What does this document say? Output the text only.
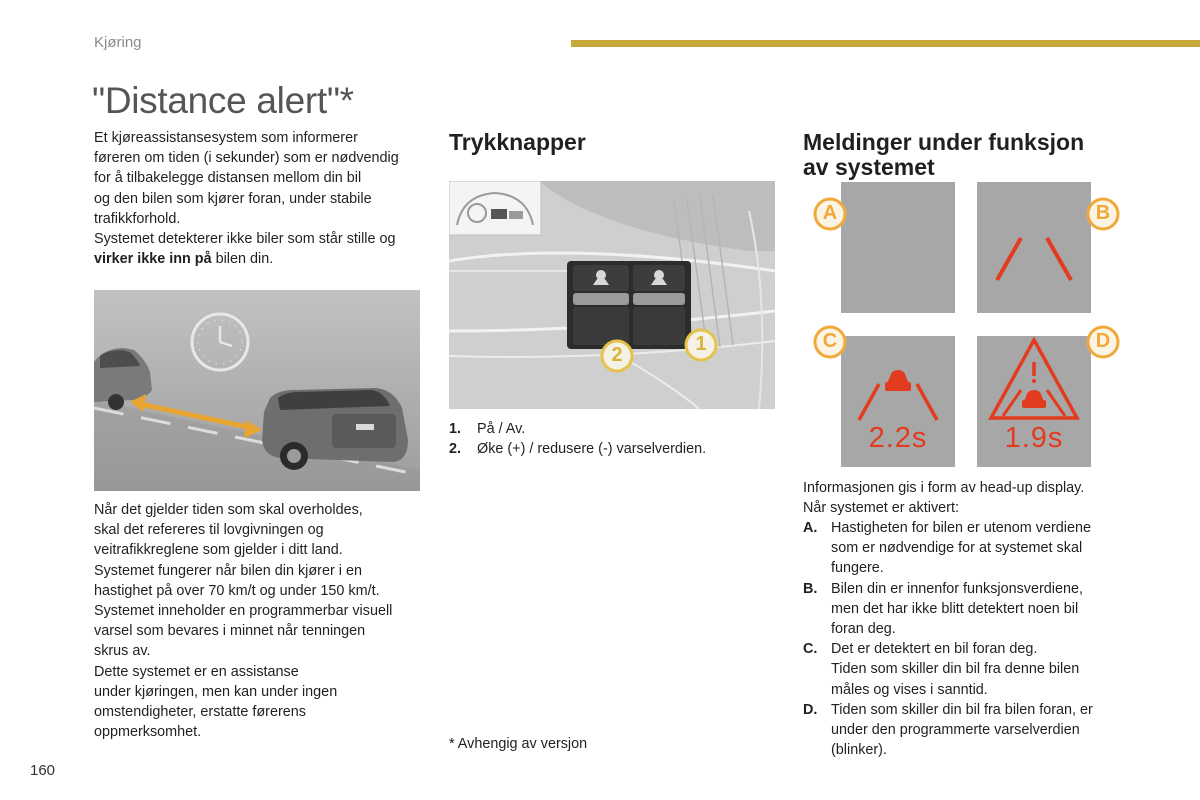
Kjøring
"Distance alert"*
Et kjøreassistansesystem som informerer
føreren om tiden (i sekunder) som er nødvendig
for å tilbakelegge distansen mellom din bil
og den bilen som kjører foran, under stabile
trafikkforhold.
Systemet detekterer ikke biler som står stille og
virker ikke inn på bilen din.
Når det gjelder tiden som skal overholdes,
skal det refereres til lovgivningen og
veitrafikkreglene som gjelder i ditt land.
Systemet fungerer når bilen din kjører i en
hastighet på over 70 km/t og under 150 km/t.
Systemet inneholder en programmerbar visuell
varsel som bevares i minnet når tenningen
skrus av.
Dette systemet er en assistanse
under kjøringen, men kan under ingen
omstendigheter, erstatte førerens
oppmerksomhet.
Trykknapper
2	1
1.	På / Av.
2.	Øke (+) / redusere (-) varselverdien.
* Avhengig av versjon
Meldinger under funksjon
av systemet
2.2s	1.9s
A	B
C	D
Informasjonen gis i form av head-up display.
Når systemet er aktivert:
A. Hastigheten for bilen er utenom verdiene
som er nødvendige for at systemet skal
fungere.
B. Bilen din er innenfor funksjonsverdiene,
men det har ikke blitt detektert noen bil
foran deg.
C. Det er detektert en bil foran deg.
Tiden som skiller din bil fra denne bilen
måles og vises i sanntid.
D. Tiden som skiller din bil fra bilen foran, er
under den programmerte varselverdien
(blinker).
160
